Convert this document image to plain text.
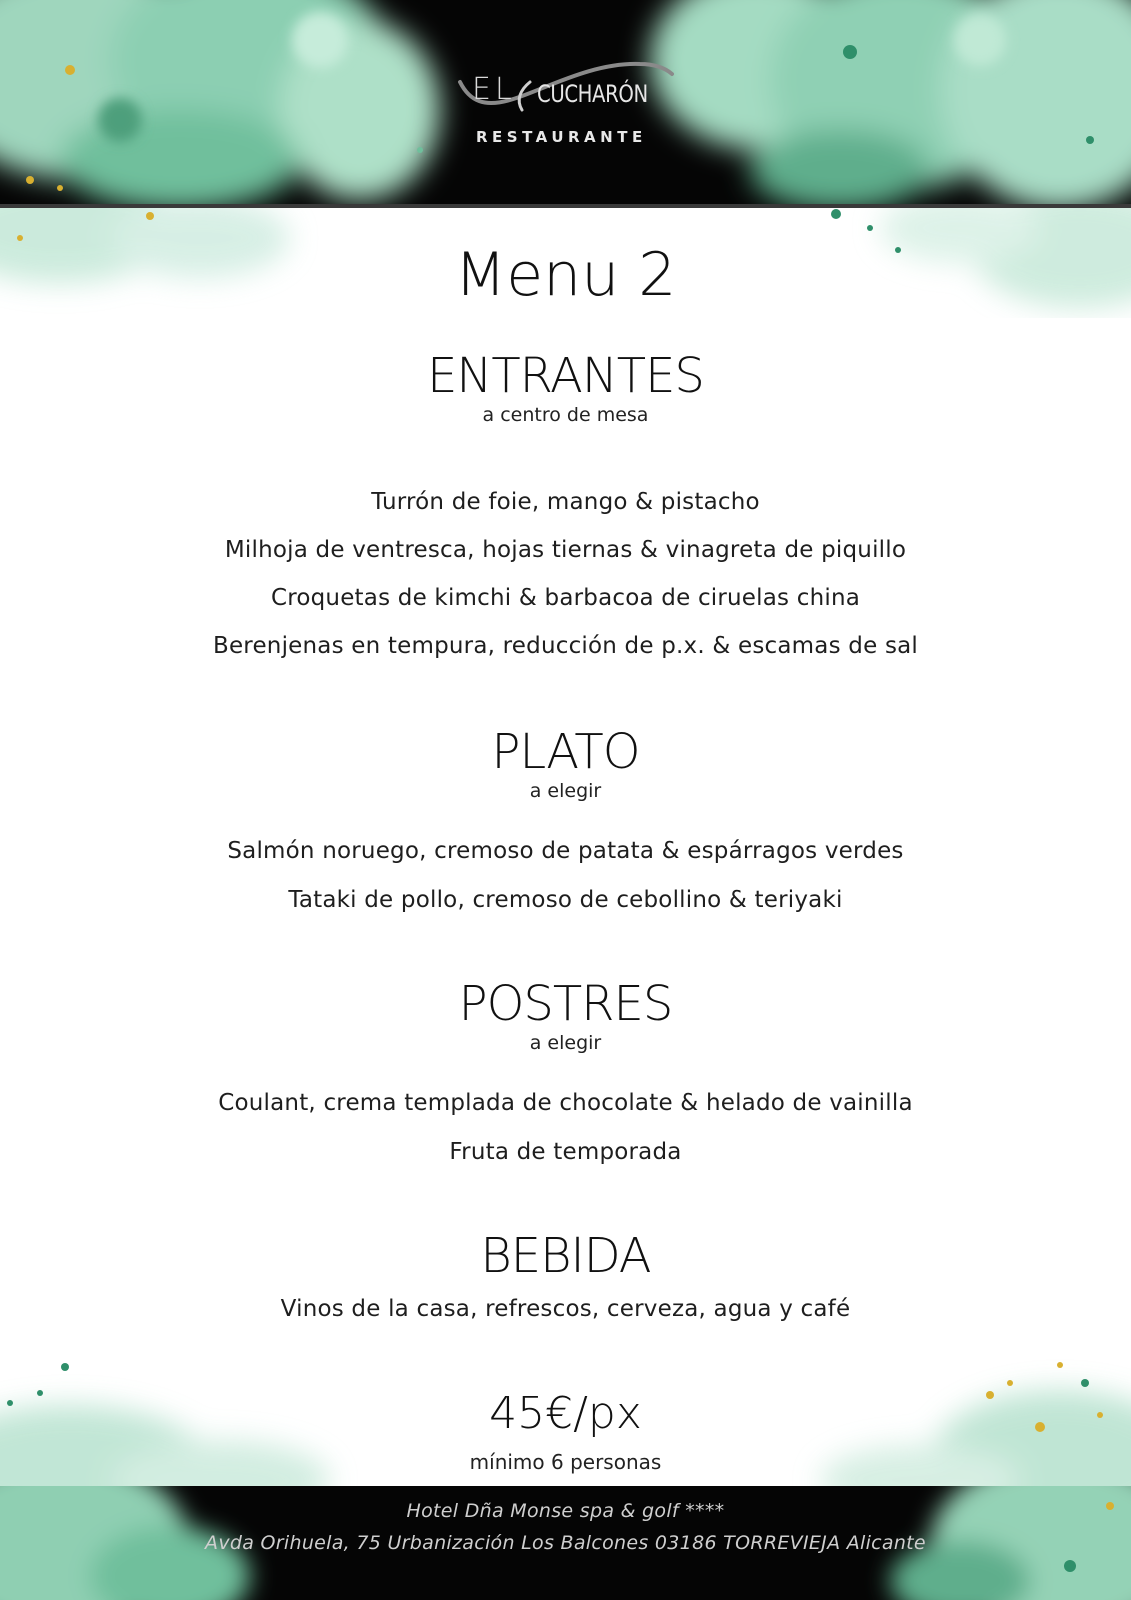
EL CUCHARÓN
RESTAURANTE
Menu 2
ENTRANTES
a centro de mesa
Turrón de foie, mango & pistacho
Milhoja de ventresca, hojas tiernas & vinagreta de piquillo
Croquetas de kimchi & barbacoa de ciruelas china
Berenjenas en tempura, reducción de p.x. & escamas de sal
PLATO
a elegir
Salmón noruego, cremoso de patata & espárragos verdes
Tataki de pollo, cremoso de cebollino & teriyaki
POSTRES
a elegir
Coulant, crema templada de chocolate & helado de vainilla
Fruta de temporada
BEBIDA
Vinos de la casa, refrescos, cerveza, agua y café
45€/px
mínimo 6 personas
Hotel Dña Monse spa & golf ****
Avda Orihuela, 75 Urbanización Los Balcones 03186 TORREVIEJA Alicante
